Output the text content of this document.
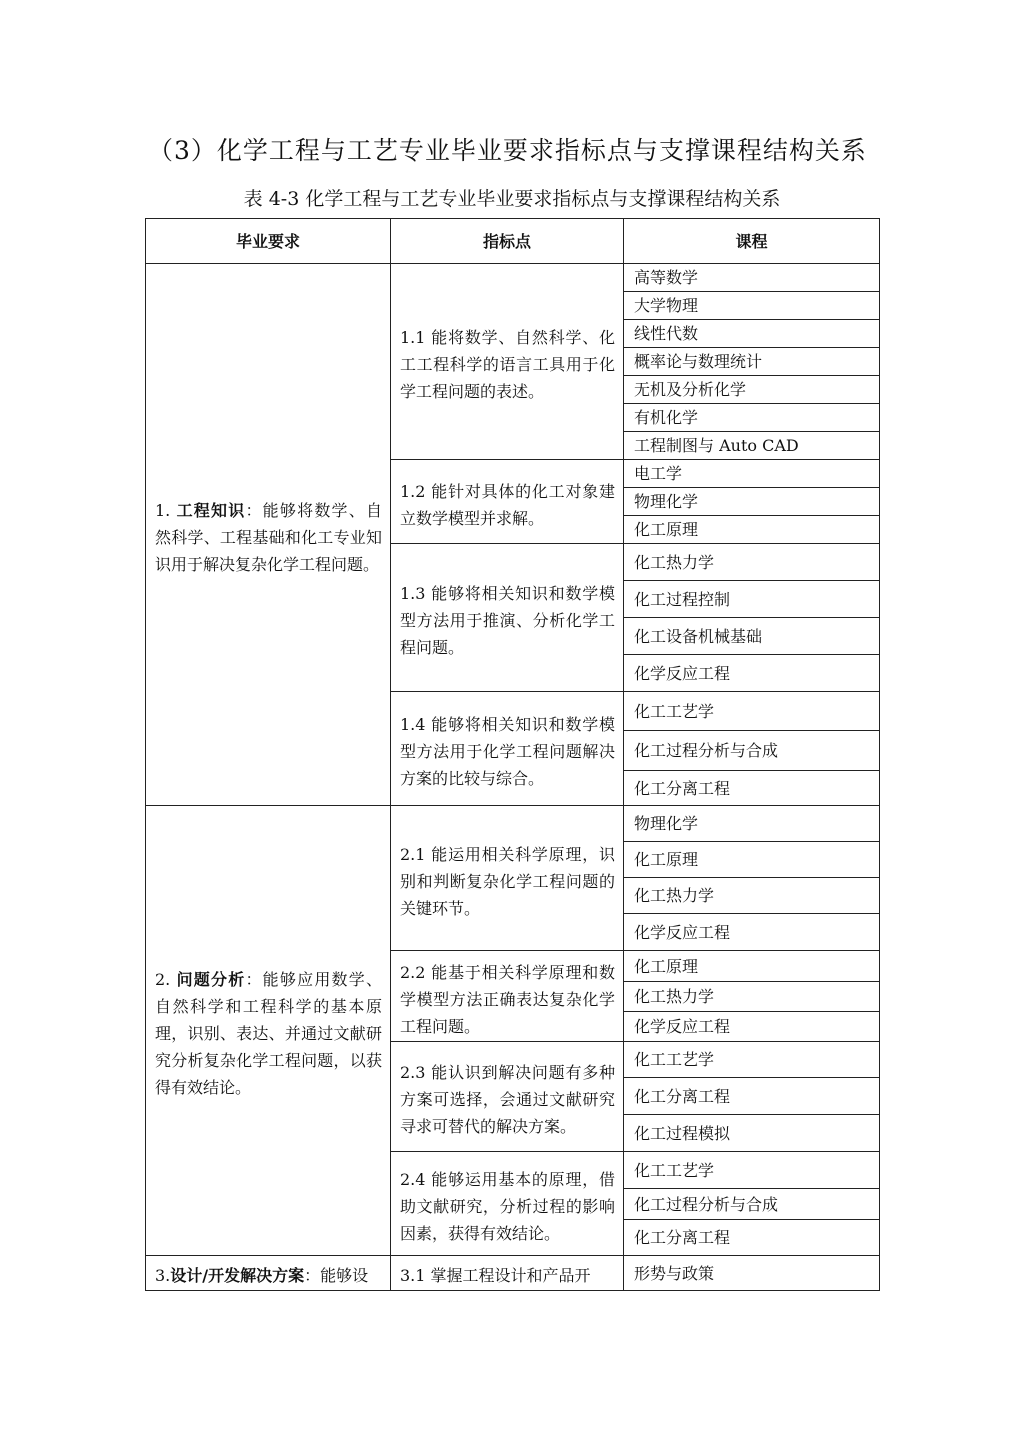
（3）化学工程与工艺专业毕业要求指标点与支撑课程结构关系
表 4-3 化学工程与工艺专业毕业要求指标点与支撑课程结构关系
毕业要求	指标点	课程

1. 工程知识：能够将数学、自然科学、工程基础和化工专业知识用于解决复杂化学工程问题。	1.1 能将数学、自然科学、化工工程科学的语言工具用于化学工程问题的表述。	高等数学
		大学物理
		线性代数
		概率论与数理统计
		无机及分析化学
		有机化学
		工程制图与 Auto CAD

	1.2 能针对具体的化工对象建立数学模型并求解。	电工学
		物理化学
		化工原理

	1.3 能够将相关知识和数学模型方法用于推演、分析化学工程问题。	化工热力学
		化工过程控制
		化工设备机械基础
		化学反应工程

	1.4 能够将相关知识和数学模型方法用于化学工程问题解决方案的比较与综合。	化工工艺学
		化工过程分析与合成
		化工分离工程

2. 问题分析：能够应用数学、自然科学和工程科学的基本原理，识别、表达、并通过文献研究分析复杂化学工程问题，以获得有效结论。	2.1 能运用相关科学原理，识别和判断复杂化学工程问题的关键环节。	物理化学
		化工原理
		化工热力学
		化学反应工程

	2.2 能基于相关科学原理和数学模型方法正确表达复杂化学工程问题。	化工原理
		化工热力学
		化学反应工程

	2.3 能认识到解决问题有多种方案可选择，会通过文献研究寻求可替代的解决方案。	化工工艺学
		化工分离工程
		化工过程模拟

	2.4 能够运用基本的原理，借助文献研究，分析过程的影响因素，获得有效结论。	化工工艺学
		化工过程分析与合成
		化工分离工程

3.设计/开发解决方案：能够设	3.1 掌握工程设计和产品开	形势与政策
